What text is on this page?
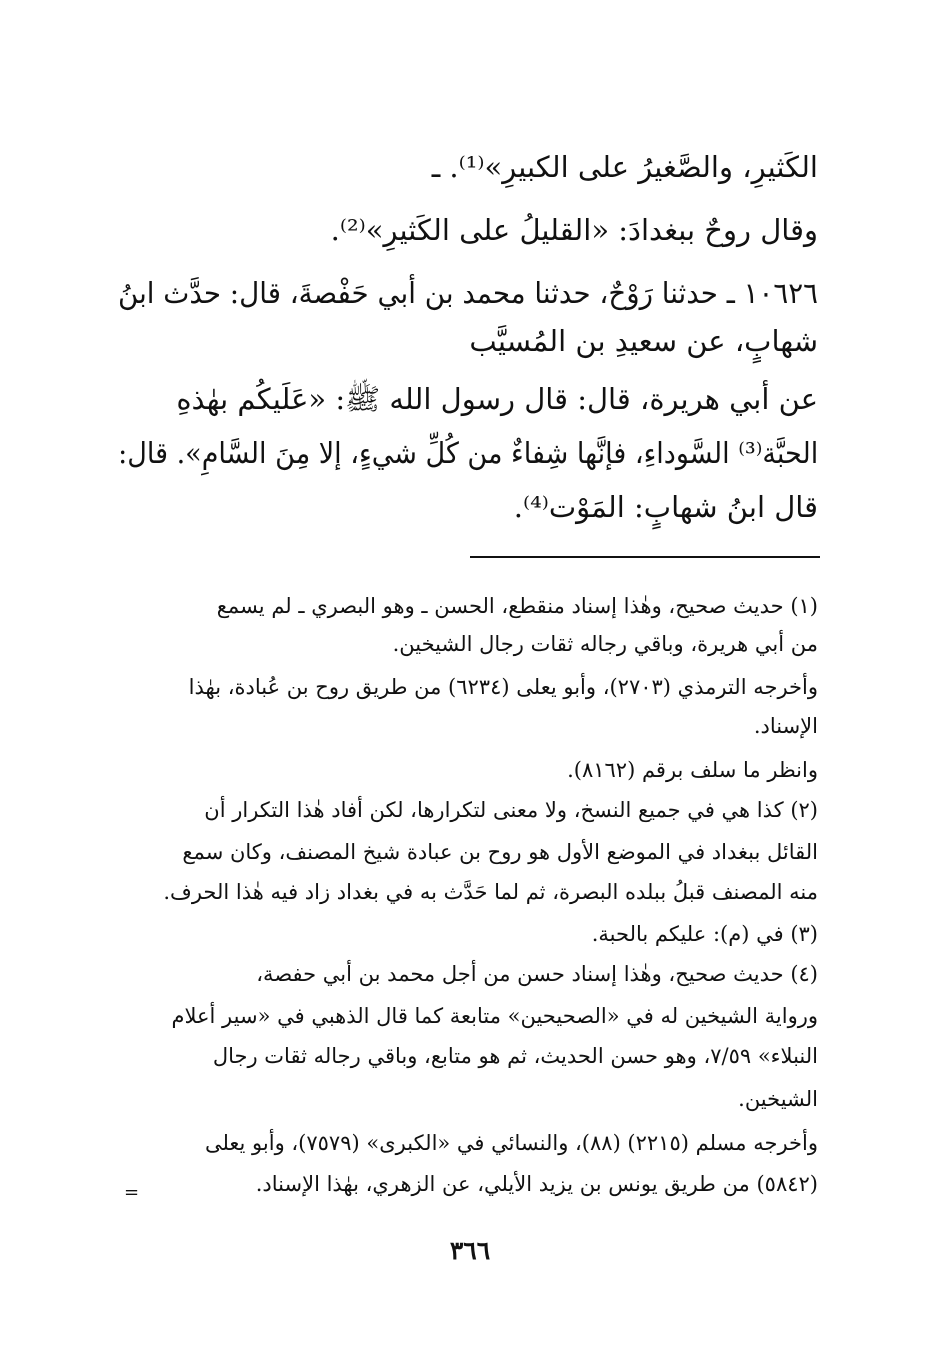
الكَثيرِ، والصَّغيرُ على الكبيرِ»⁽¹⁾. ـ
وقال روحٌ ببغدادَ: «القليلُ على الكَثيرِ»⁽²⁾.
١٠٦٢٦ ـ حدثنا رَوْحٌ، حدثنا محمد بن أبي حَفْصةَ، قال: حدَّث ابنُ
شهابٍ، عن سعيدِ بن المُسيَّب
عن أبي هريرة، قال: قال رسول الله ﷺ: «عَلَيكُم بهٰذهِ
الحبَّة⁽³⁾ السَّوداءِ، فإنَّها شِفاءٌ من كُلِّ شيءٍ، إلا مِنَ السَّامِ». قال:
قال ابنُ شهابٍ: المَوْت⁽⁴⁾.
(١) حديث صحيح، وهٰذا إسناد منقطع، الحسن ـ وهو البصري ـ لم يسمع
من أبي هريرة، وباقي رجاله ثقات رجال الشيخين.
وأخرجه الترمذي (٢٧٠٣)، وأبو يعلى (٦٢٣٤) من طريق روح بن عُبادة، بهٰذا
الإسناد.
وانظر ما سلف برقم (٨١٦٢).
(٢) كذا هي في جميع النسخ، ولا معنى لتكرارها، لكن أفاد هٰذا التكرار أن
القائل ببغداد في الموضع الأول هو روح بن عبادة شيخ المصنف، وكان سمع
منه المصنف قبلُ ببلده البصرة، ثم لما حَدَّث به في بغداد زاد فيه هٰذا الحرف.
(٣) في (م): عليكم بالحبة.
(٤) حديث صحيح، وهٰذا إسناد حسن من أجل محمد بن أبي حفصة،
ورواية الشيخين له في «الصحيحين» متابعة كما قال الذهبي في «سير أعلام
النبلاء» ٧/٥٩، وهو حسن الحديث، ثم هو متابع، وباقي رجاله ثقات رجال
الشيخين.
وأخرجه مسلم (٢٢١٥) (٨٨)، والنسائي في «الكبرى» (٧٥٧٩)، وأبو يعلى
(٥٨٤٢) من طريق يونس بن يزيد الأيلي، عن الزهري، بهٰذا الإسناد.
=
٣٦٦
